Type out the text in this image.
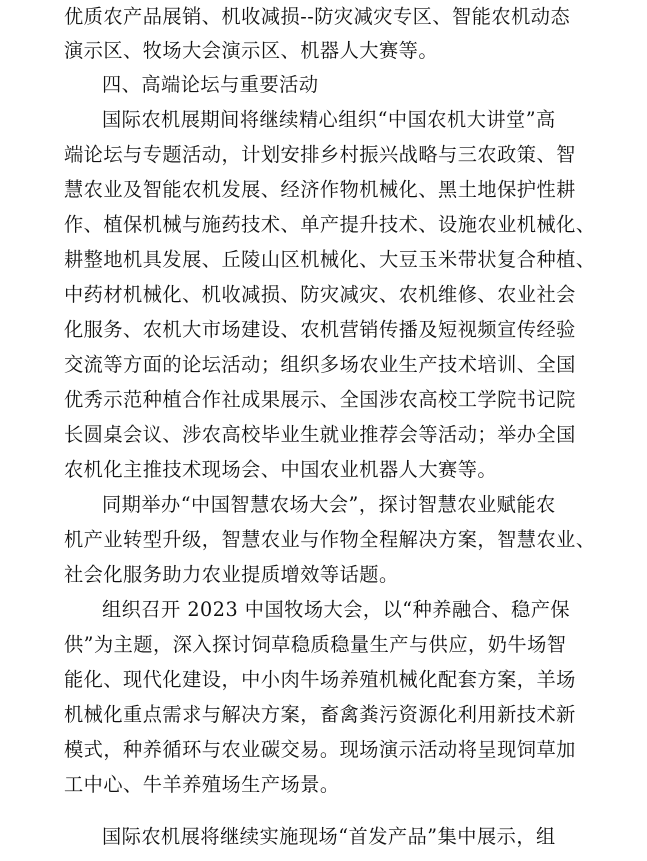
优质农产品展销、机收减损--防灾减灾专区、智能农机动态
演示区、牧场大会演示区、机器人大赛等。
四、高端论坛与重要活动
国际农机展期间将继续精心组织“中国农机大讲堂”高
端论坛与专题活动，计划安排乡村振兴战略与三农政策、智
慧农业及智能农机发展、经济作物机械化、黑土地保护性耕
作、植保机械与施药技术、单产提升技术、设施农业机械化、
耕整地机具发展、丘陵山区机械化、大豆玉米带状复合种植、
中药材机械化、机收减损、防灾减灾、农机维修、农业社会
化服务、农机大市场建设、农机营销传播及短视频宣传经验
交流等方面的论坛活动；组织多场农业生产技术培训、全国
优秀示范种植合作社成果展示、全国涉农高校工学院书记院
长圆桌会议、涉农高校毕业生就业推荐会等活动；举办全国
农机化主推技术现场会、中国农业机器人大赛等。
同期举办“中国智慧农场大会”，探讨智慧农业赋能农
机产业转型升级，智慧农业与作物全程解决方案，智慧农业、
社会化服务助力农业提质增效等话题。
组织召开 2023 中国牧场大会，以“种养融合、稳产保
供”为主题，深入探讨饲草稳质稳量生产与供应，奶牛场智
能化、现代化建设，中小肉牛场养殖机械化配套方案，羊场
机械化重点需求与解决方案，畜禽粪污资源化利用新技术新
模式，种养循环与农业碳交易。现场演示活动将呈现饲草加
工中心、牛羊养殖场生产场景。
国际农机展将继续实施现场“首发产品”集中展示，组
